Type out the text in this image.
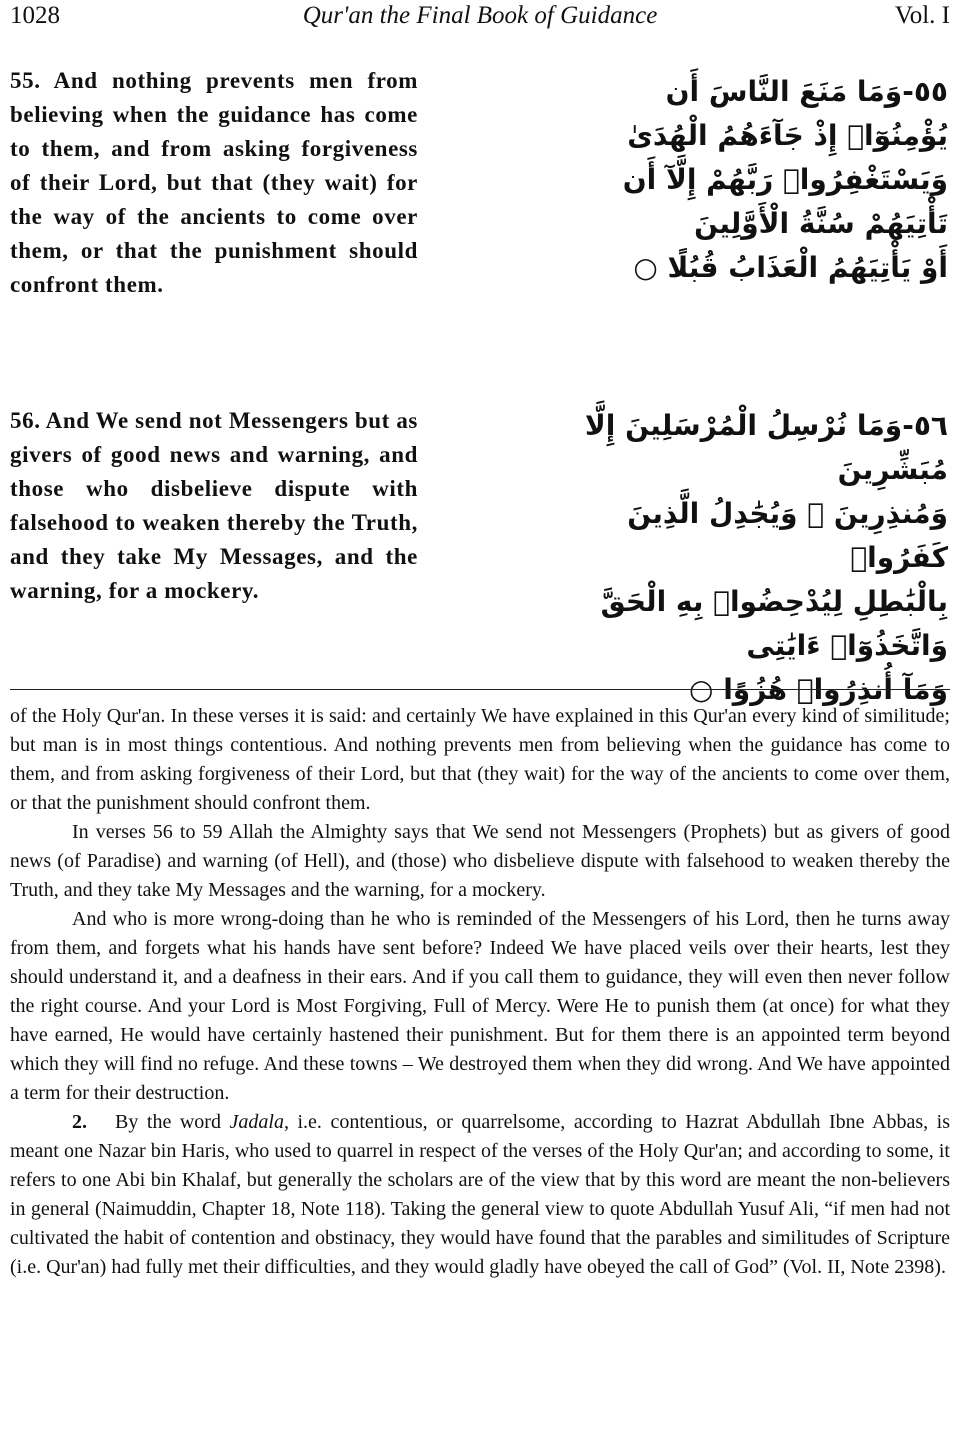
1028	Qur'an the Final Book of Guidance	Vol. I
55. And nothing prevents men from believing when the guidance has come to them, and from asking forgiveness of their Lord, but that (they wait) for the way of the ancients to come over them, or that the punishment should confront them.
٥٥-وَمَا مَنَعَ النَّاسَ أَن
يُؤْمِنُوٓا۟ إِذْ جَآءَهُمُ الْهُدَىٰ
وَيَسْتَغْفِرُوا۟ رَبَّهُمْ إِلَّآ أَن
تَأْتِيَهُمْ سُنَّةُ الْأَوَّلِينَ
أَوْ يَأْتِيَهُمُ الْعَذَابُ قُبُلًا ○
56. And We send not Messengers but as givers of good news and warning, and those who disbelieve dispute with falsehood to weaken thereby the Truth, and they take My Messages, and the warning, for a mockery.
٥٦-وَمَا نُرْسِلُ الْمُرْسَلِينَ إِلَّا مُبَشِّرِينَ
وَمُنذِرِينَ ۚ وَيُجَٰدِلُ الَّذِينَ كَفَرُوا۟
بِالْبَٰطِلِ لِيُدْحِضُوا۟ بِهِ الْحَقَّ
وَاتَّخَذُوٓا۟ ءَايَٰتِى
وَمَآ أُنذِرُوا۟ هُزُوًا ○

of the Holy Qur'an. In these verses it is said: and certainly We have explained in this Qur'an every kind of similitude; but man is in most things contentious. And nothing prevents men from believing when the guidance has come to them, and from asking forgiveness of their Lord, but that (they wait) for the way of the ancients to come over them, or that the punishment should confront them.

In verses 56 to 59 Allah the Almighty says that We send not Messengers (Prophets) but as givers of good news (of Paradise) and warning (of Hell), and (those) who disbelieve dispute with falsehood to weaken thereby the Truth, and they take My Messages and the warning, for a mockery.

And who is more wrong-doing than he who is reminded of the Messengers of his Lord, then he turns away from them, and forgets what his hands have sent before? Indeed We have placed veils over their hearts, lest they should understand it, and a deafness in their ears. And if you call them to guidance, they will even then never follow the right course. And your Lord is Most Forgiving, Full of Mercy. Were He to punish them (at once) for what they have earned, He would have certainly hastened their punishment. But for them there is an appointed term beyond which they will find no refuge. And these towns – We destroyed them when they did wrong. And We have appointed a term for their destruction.

2. By the word Jadala, i.e. contentious, or quarrelsome, according to Hazrat Abdullah Ibne Abbas, is meant one Nazar bin Haris, who used to quarrel in respect of the verses of the Holy Qur'an; and according to some, it refers to one Abi bin Khalaf, but generally the scholars are of the view that by this word are meant the non-believers in general (Naimuddin, Chapter 18, Note 118). Taking the general view to quote Abdullah Yusuf Ali, “if men had not cultivated the habit of contention and obstinacy, they would have found that the parables and similitudes of Scripture (i.e. Qur'an) had fully met their difficulties, and they would gladly have obeyed the call of God” (Vol. II, Note 2398).
